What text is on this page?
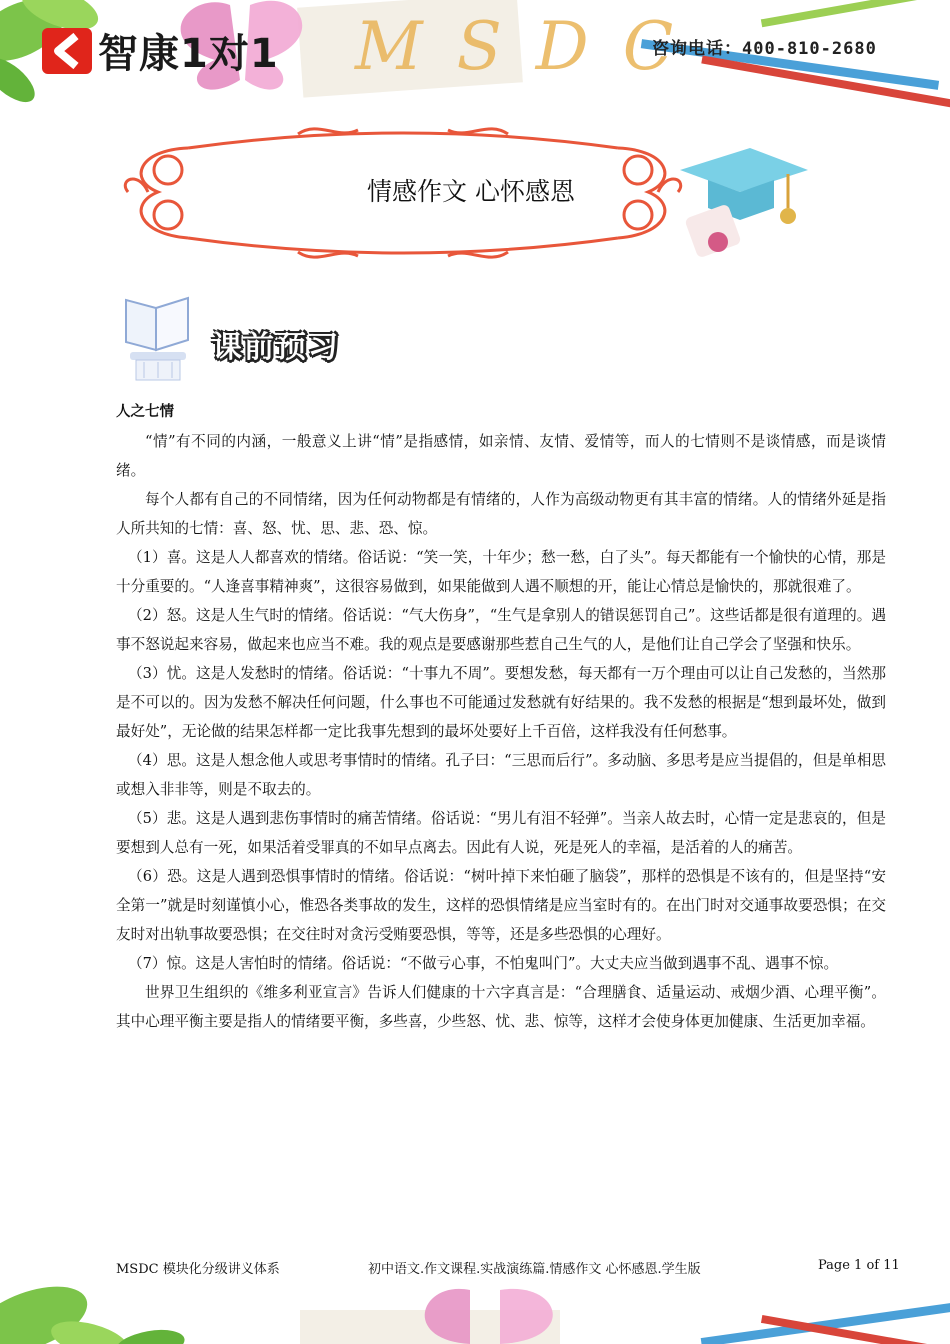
智康1对1 MSDC
咨询电话：400-810-2680
情感作文 心怀感恩
课前预习

人之七情

“情”有不同的内涵，一般意义上讲“情”是指感情，如亲情、友情、爱情等，而人的七情则不是谈情感，而是谈情绪。

每个人都有自己的不同情绪，因为任何动物都是有情绪的，人作为高级动物更有其丰富的情绪。人的情绪外延是指人所共知的七情：喜、怒、忧、思、悲、恐、惊。

（1）喜。这是人人都喜欢的情绪。俗话说：“笑一笑，十年少；愁一愁，白了头”。每天都能有一个愉快的心情，那是十分重要的。“人逢喜事精神爽”，这很容易做到，如果能做到人遇不顺想的开，能让心情总是愉快的，那就很难了。

（2）怒。这是人生气时的情绪。俗话说：“气大伤身”，“生气是拿别人的错误惩罚自己”。这些话都是很有道理的。遇事不怒说起来容易，做起来也应当不难。我的观点是要感谢那些惹自己生气的人，是他们让自己学会了坚强和快乐。

（3）忧。这是人发愁时的情绪。俗话说：“十事九不周”。要想发愁，每天都有一万个理由可以让自己发愁的，当然那是不可以的。因为发愁不解决任何问题，什么事也不可能通过发愁就有好结果的。我不发愁的根据是“想到最坏处，做到最好处”，无论做的结果怎样都一定比我事先想到的最坏处要好上千百倍，这样我没有任何愁事。

（4）思。这是人想念他人或思考事情时的情绪。孔子曰：“三思而后行”。多动脑、多思考是应当提倡的，但是单相思或想入非非等，则是不取去的。

（5）悲。这是人遇到悲伤事情时的痛苦情绪。俗话说：“男儿有泪不轻弹”。当亲人故去时，心情一定是悲哀的，但是要想到人总有一死，如果活着受罪真的不如早点离去。因此有人说，死是死人的幸福，是活着的人的痛苦。

（6）恐。这是人遇到恐惧事情时的情绪。俗话说：“树叶掉下来怕砸了脑袋”，那样的恐惧是不该有的，但是坚持“安全第一”就是时刻谨慎小心，惟恐各类事故的发生，这样的恐惧情绪是应当室时有的。在出门时对交通事故要恐惧；在交友时对出轨事故要恐惧；在交往时对贪污受贿要恐惧，等等，还是多些恐惧的心理好。

（7）惊。这是人害怕时的情绪。俗话说：“不做亏心事，不怕鬼叫门”。大丈夫应当做到遇事不乱、遇事不惊。

世界卫生组织的《维多利亚宣言》告诉人们健康的十六字真言是：“合理膳食、适量运动、戒烟少酒、心理平衡”。其中心理平衡主要是指人的情绪要平衡，多些喜，少些怒、忧、悲、惊等，这样才会使身体更加健康、生活更加幸福。

MSDC 模块化分级讲义体系	初中语文.作文课程.实战演练篇.情感作文 心怀感恩.学生版	Page 1 of 11
